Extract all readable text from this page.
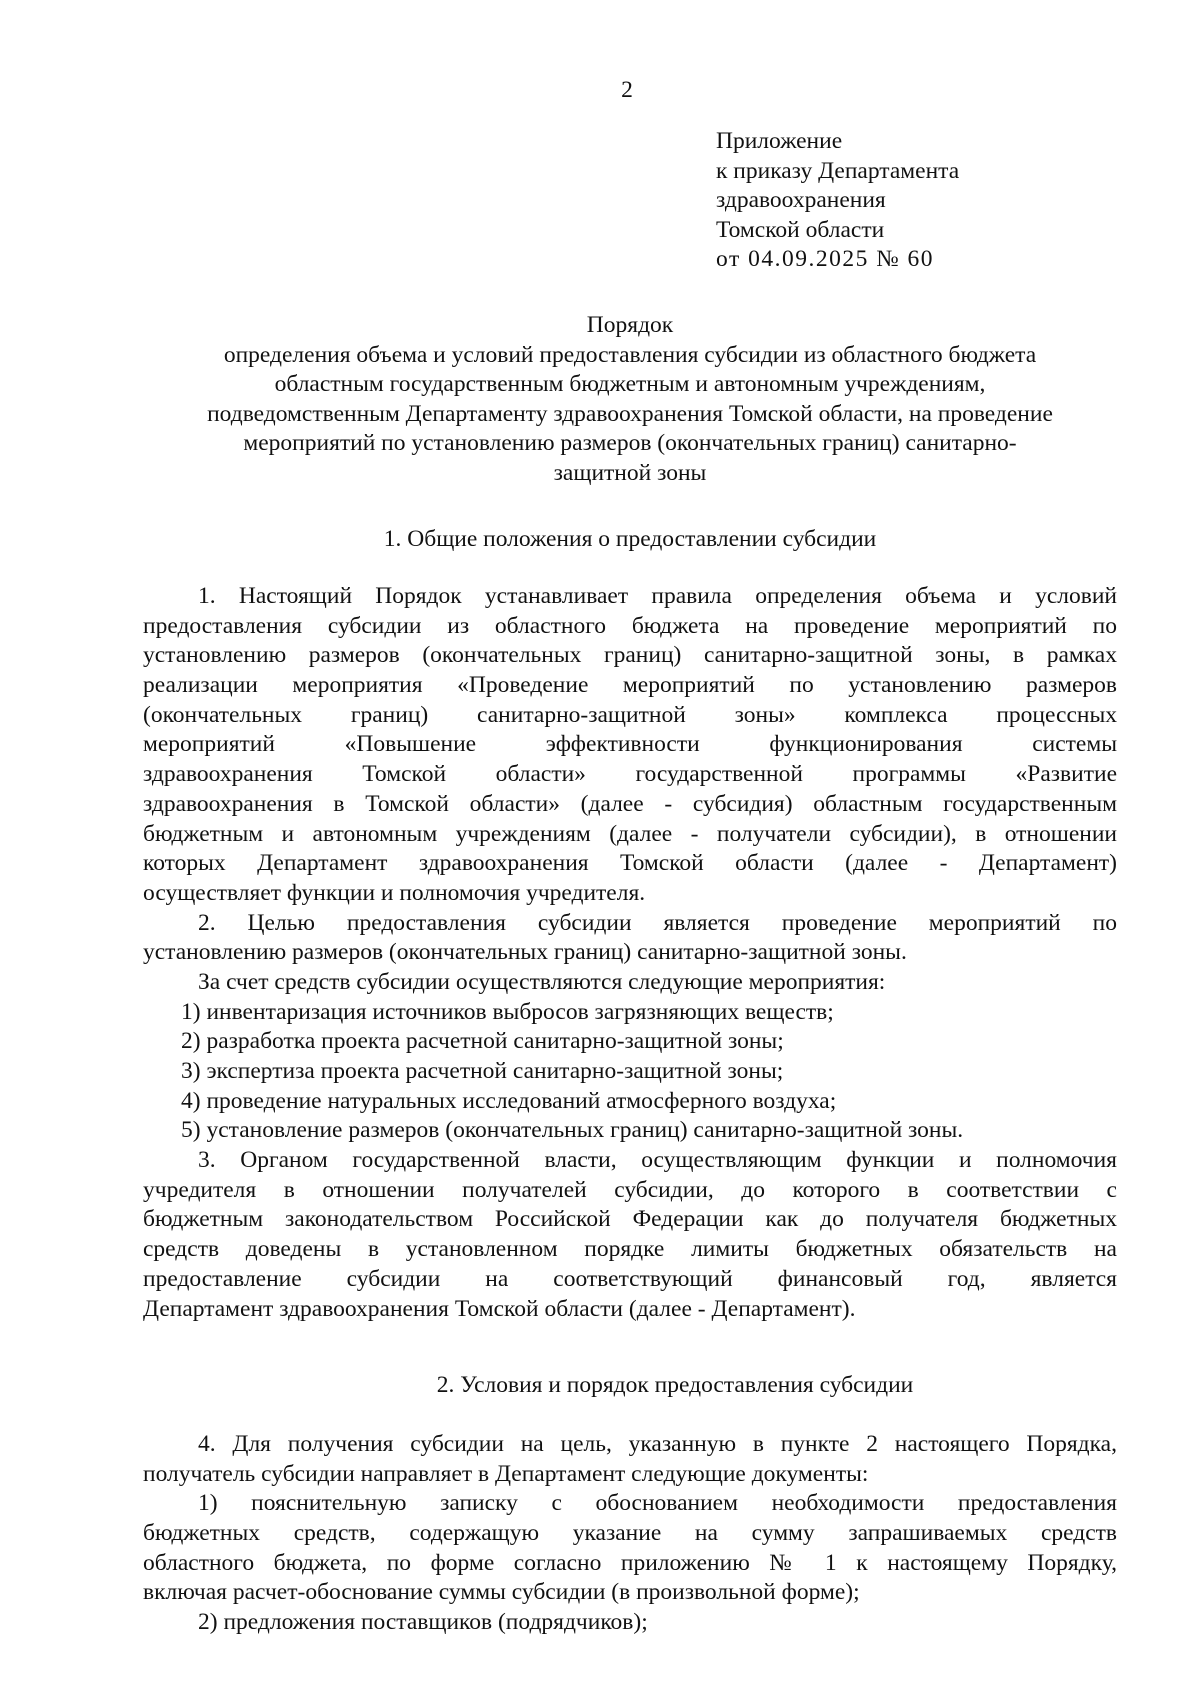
2
Приложение
к приказу Департамента
здравоохранения
Томской области
от 04.09.2025 № 60
Порядок
определения объема и условий предоставления субсидии из областного бюджета
областным государственным бюджетным и автономным учреждениям,
подведомственным Департаменту здравоохранения Томской области, на проведение
мероприятий по установлению размеров (окончательных границ) санитарно-
защитной зоны
1. Общие положения о предоставлении субсидии
1. Настоящий Порядок устанавливает правила определения объема и условий
предоставления субсидии из областного бюджета на проведение мероприятий по
установлению размеров (окончательных границ) санитарно-защитной зоны, в рамках
реализации мероприятия «Проведение мероприятий по установлению размеров
(окончательных границ) санитарно-защитной зоны» комплекса процессных
мероприятий «Повышение эффективности функционирования системы
здравоохранения Томской области» государственной программы «Развитие
здравоохранения в Томской области» (далее - субсидия) областным государственным
бюджетным и автономным учреждениям (далее - получатели субсидии), в отношении
которых Департамент здравоохранения Томской области (далее - Департамент)
осуществляет функции и полномочия учредителя.
2. Целью предоставления субсидии является проведение мероприятий по
установлению размеров (окончательных границ) санитарно-защитной зоны.
За счет средств субсидии осуществляются следующие мероприятия:
1) инвентаризация источников выбросов загрязняющих веществ;
2) разработка проекта расчетной санитарно-защитной зоны;
3) экспертиза проекта расчетной санитарно-защитной зоны;
4) проведение натуральных исследований атмосферного воздуха;
5) установление размеров (окончательных границ) санитарно-защитной зоны.
3. Органом государственной власти, осуществляющим функции и полномочия
учредителя в отношении получателей субсидии, до которого в соответствии с
бюджетным законодательством Российской Федерации как до получателя бюджетных
средств доведены в установленном порядке лимиты бюджетных обязательств на
предоставление субсидии на соответствующий финансовый год, является
Департамент здравоохранения Томской области (далее - Департамент).
2. Условия и порядок предоставления субсидии
4. Для получения субсидии на цель, указанную в пункте 2 настоящего Порядка,
получатель субсидии направляет в Департамент следующие документы:
1) пояснительную записку с обоснованием необходимости предоставления
бюджетных средств, содержащую указание на сумму запрашиваемых средств
областного бюджета, по форме согласно приложению № 1 к настоящему Порядку,
включая расчет-обоснование суммы субсидии (в произвольной форме);
2) предложения поставщиков (подрядчиков);
